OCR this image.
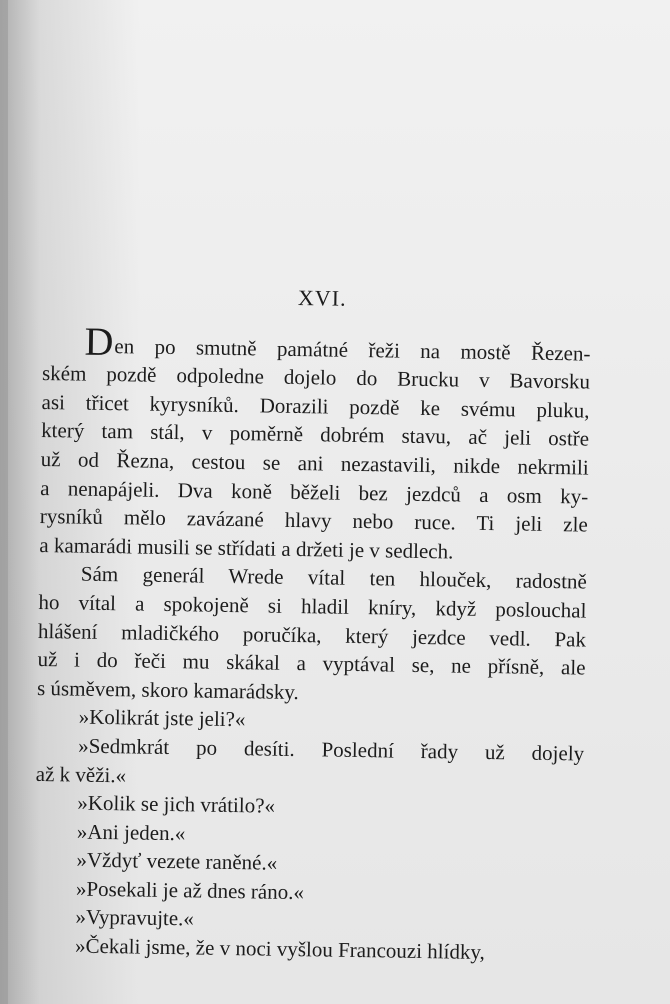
XVI.

Den po smutně památné řeži na mostě Řezen-
ském pozdě odpoledne dojelo do Brucku v Bavorsku
asi třicet kyrysníků. Dorazili pozdě ke svému pluku,
který tam stál, v poměrně dobrém stavu, ač jeli ostře
už od Řezna, cestou se ani nezastavili, nikde nekrmili
a nenapájeli. Dva koně běželi bez jezdců a osm ky-
rysníků mělo zavázané hlavy nebo ruce. Ti jeli zle
a kamarádi musili se střídati a držeti je v sedlech.

Sám generál Wrede vítal ten hlouček, radostně
ho vítal a spokojeně si hladil kníry, když poslouchal
hlášení mladičkého poručíka, který jezdce vedl. Pak
už i do řeči mu skákal a vyptával se, ne přísně, ale
s úsměvem, skoro kamarádsky.

»Kolikrát jste jeli?«

»Sedmkrát po desíti. Poslední řady už dojely

až k věži.«

»Kolik se jich vrátilo?«

»Ani jeden.«

»Vždyť vezete raněné.«

»Posekali je až dnes ráno.«

»Vypravujte.«

»Čekali jsme, že v noci vyšlou Francouzi hlídky,
